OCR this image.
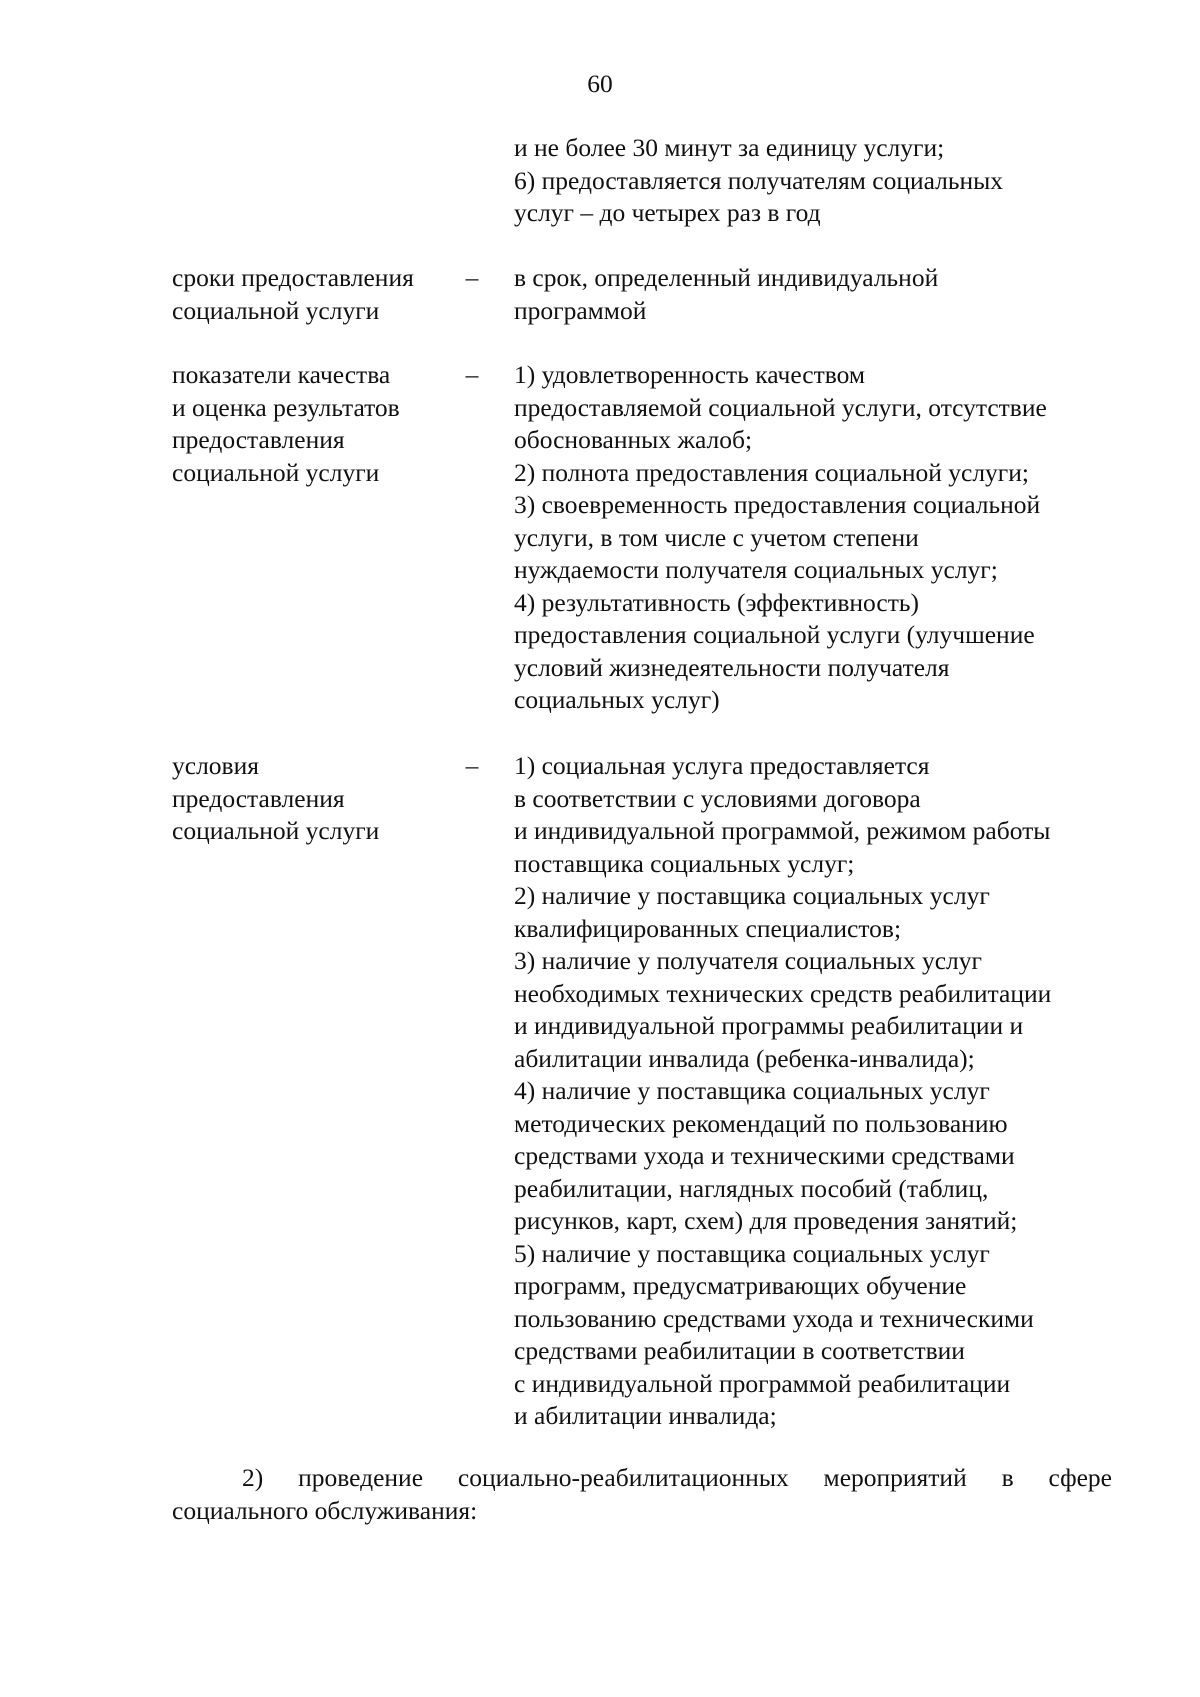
60
и не более 30 минут за единицу услуги;
6) предоставляется получателям социальных
услуг – до четырех раз в год
сроки предоставления
социальной услуги
– в срок, определенный индивидуальной
программой
показатели качества
и оценка результатов
предоставления
социальной услуги
– 1) удовлетворенность качеством
предоставляемой социальной услуги, отсутствие
обоснованных жалоб;
2) полнота предоставления социальной услуги;
3) своевременность предоставления социальной
услуги, в том числе с учетом степени
нуждаемости получателя социальных услуг;
4) результативность (эффективность)
предоставления социальной услуги (улучшение
условий жизнедеятельности получателя
социальных услуг)
условия
предоставления
социальной услуги
– 1) социальная услуга предоставляется
в соответствии с условиями договора
и индивидуальной программой, режимом работы
поставщика социальных услуг;
2) наличие у поставщика социальных услуг
квалифицированных специалистов;
3) наличие у получателя социальных услуг
необходимых технических средств реабилитации
и индивидуальной программы реабилитации и
абилитации инвалида (ребенка-инвалида);
4) наличие у поставщика социальных услуг
методических рекомендаций по пользованию
средствами ухода и техническими средствами
реабилитации, наглядных пособий (таблиц,
рисунков, карт, схем) для проведения занятий;
5) наличие у поставщика социальных услуг
программ, предусматривающих обучение
пользованию средствами ухода и техническими
средствами реабилитации в соответствии
с индивидуальной программой реабилитации
и абилитации инвалида;
2) проведение социально-реабилитационных мероприятий в сфере
социального обслуживания:
